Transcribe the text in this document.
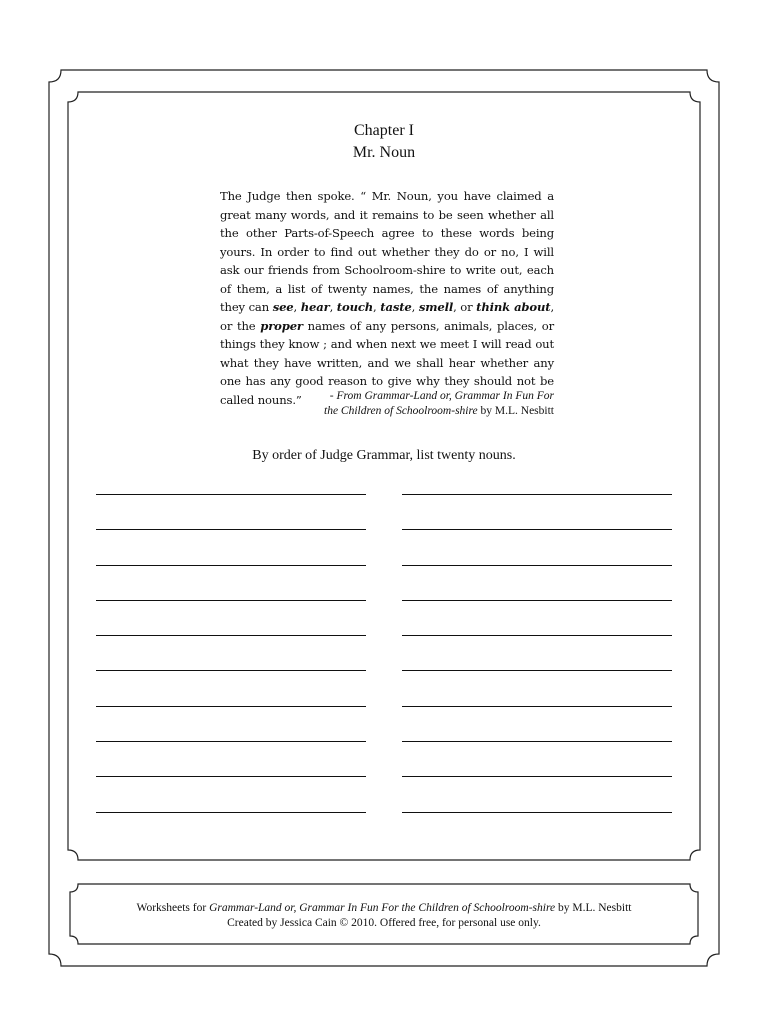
Chapter I
Mr. Noun
The Judge then spoke. “ Mr. Noun, you have claimed a great many words, and it remains to be seen whether all the other Parts-of-Speech agree to these words being yours. In order to find out whether they do or no, I will ask our friends from Schoolroom-shire to write out, each of them, a list of twenty names, the names of anything they can see, hear, touch, taste, smell, or think about, or the proper names of any persons, animals, places, or things they know ; and when next we meet I will read out what they have written, and we shall hear whether any one has any good reason to give why they should not be called nouns.”	- From Grammar-Land or, Grammar In Fun For
the Children of Schoolroom-shire by M.L. Nesbitt
By order of Judge Grammar, list twenty nouns.
Worksheets for Grammar-Land or, Grammar In Fun For the Children of Schoolroom-shire by M.L. Nesbitt
Created by Jessica Cain © 2010. Offered free, for personal use only.
